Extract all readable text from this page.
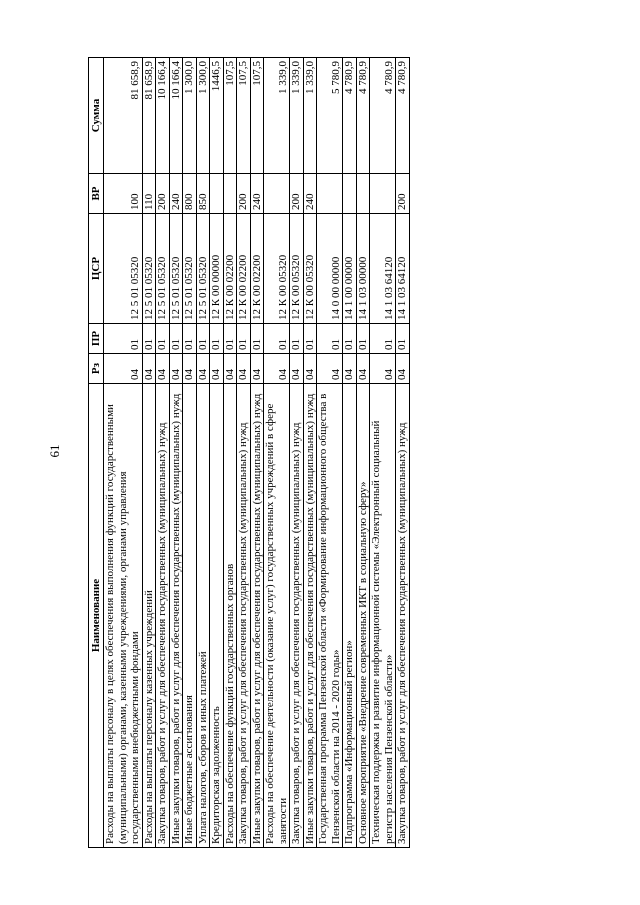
61
Наименование	Рз	ПР	ЦСР	ВР	Сумма
Расходы на выплаты персоналу в целях обеспечения выполнения функций государственными (муниципальными) органами, казенными учреждениями, органами управления государственными внебюджетными фондами	04	01	12 5 01 05320	100	81 658,9
Расходы на выплаты персоналу казенных учреждений	04	01	12 5 01 05320	110	81 658,9
Закупка товаров, работ и услуг для обеспечения государственных (муниципальных) нужд	04	01	12 5 01 05320	200	10 166,4
Иные закупки товаров, работ и услуг для обеспечения государственных (муниципальных) нужд	04	01	12 5 01 05320	240	10 166,4
Иные бюджетные ассигнования	04	01	12 5 01 05320	800	1 300,0
Уплата налогов, сборов и иных платежей	04	01	12 5 01 05320	850	1 300,0
Кредиторская задолженность	04	01	12 К 00 00000		1446,5
Расходы на обеспечение функций государственных органов	04	01	12 К 00 02200		107,5
Закупка товаров, работ и услуг для обеспечения государственных (муниципальных) нужд	04	01	12 К 00 02200	200	107,5
Иные закупки товаров, работ и услуг для обеспечения государственных (муниципальных) нужд	04	01	12 К 00 02200	240	107,5
Расходы на обеспечение деятельности (оказание услуг) государственных учреждений в сфере занятости	04	01	12 К 00 05320		1 339,0
Закупка товаров, работ и услуг для обеспечения государственных (муниципальных) нужд	04	01	12 К 00 05320	200	1 339,0
Иные закупки товаров, работ и услуг для обеспечения государственных (муниципальных) нужд	04	01	12 К 00 05320	240	1 339,0
Государственная программа Пензенской области «Формирование информационного общества в Пензенской области на 2014 - 2020 годы»	04	01	14 0 00 00000		5 780,9
Подпрограмма «Информационный регион»	04	01	14 1 00 00000		4 780,9
Основное мероприятие «Внедрение современных ИКТ в социальную сферу»	04	01	14 1 03 00000		4 780,9
Техническая поддержка и развитие информационной системы «Электронный социальный регистр населения Пензенской области»	04	01	14 1 03 64120		4 780,9
Закупка товаров, работ и услуг для обеспечения государственных (муниципальных) нужд	04	01	14 1 03 64120	200	4 780,9
